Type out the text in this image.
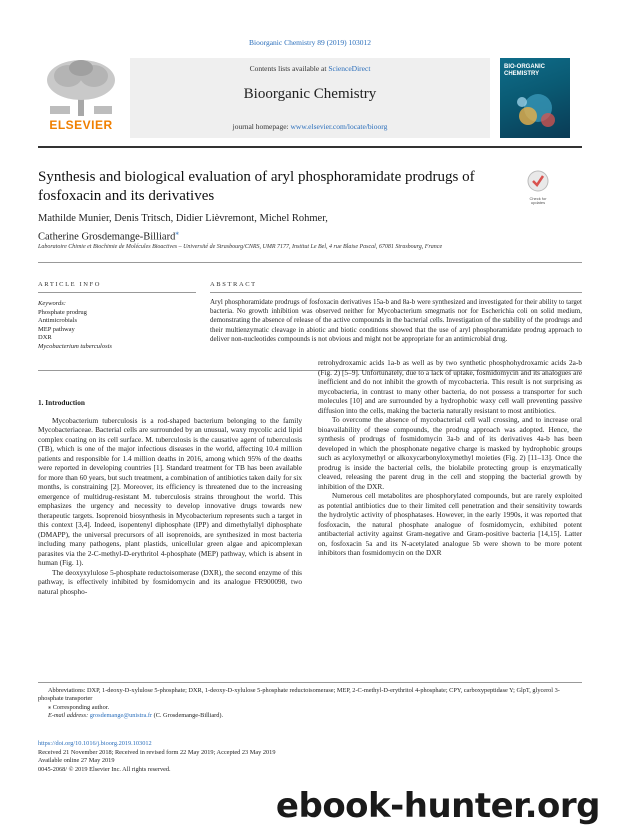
Bioorganic Chemistry 89 (2019) 103012
ELSEVIER
Contents lists available at ScienceDirect
Bioorganic Chemistry
journal homepage: www.elsevier.com/locate/bioorg
BIO-ORGANIC CHEMISTRY
Synthesis and biological evaluation of aryl phosphoramidate prodrugs of fosfoxacin and its derivatives	Check for updates
Mathilde Munier, Denis Tritsch, Didier Lièvremont, Michel Rohmer,
Catherine Grosdemange-Billiard⁎
Laboratoire Chimie et Biochimie de Molécules Bioactives – Université de Strasbourg/CNRS, UMR 7177, Institut Le Bel, 4 rue Blaise Pascal, 67081 Strasbourg, France
ARTICLE INFO	ABSTRACT
Keywords:
Phosphate prodrug
Antimicrobials
MEP pathway
DXR
Mycobacterium tuberculosis
Aryl phosphoramidate prodrugs of fosfoxacin derivatives 15a-b and 8a-b were synthesized and investigated for their ability to target bacteria. No growth inhibition was observed neither for Mycobacterium smegmatis nor for Escherichia coli on solid medium, demonstrating the absence of release of the active compounds in the bacterial cells. Investigation of the stability of the prodrugs and their multienzymatic cleavage in abiotic and biotic conditions showed that the use of aryl phosphoramidate prodrug approach to deliver non-nucleotides compounds is not obvious and might not be appropriate for an antimicrobial drug.

1. Introduction

Mycobacterium tuberculosis is a rod-shaped bacterium belonging to the family Mycobacteriaceae. Bacterial cells are surrounded by an unusual, waxy mycolic acid lipid complex coating on its cell surface. M. tuberculosis is the causative agent of tuberculosis (TB), which is one of the major infectious diseases in the world, affecting 10.4 million patients and responsible for 1.4 million deaths in 2016, among which 95% of the deaths were reported in developing countries [1]. Standard treatment for TB has been available for more than 60 years, but such treatment, a combination of antibiotics taken daily for six months, is constraining [2]. Moreover, its efficiency is threatened due to the increasing emergence of multidrug-resistant M. tuberculosis strains throughout the world. This emphasizes the urgency and necessity to develop innovative drugs towards new therapeutic targets. Isoprenoid biosynthesis in Mycobacterium represents such a target in this context [3,4]. Indeed, isopentenyl diphosphate (IPP) and dimethylallyl diphosphate (DMAPP), the universal precursors of all isoprenoids, are synthesized in most bacteria including many pathogens, plant plastids, unicellular green algae and apicomplexan parasites via the 2-C-methyl-D-erythritol 4-phosphate (MEP) pathway, which is absent in human (Fig. 1).

The deoxyxylulose 5-phosphate reductoisomerase (DXR), the second enzyme of this pathway, is effectively inhibited by fosmidomycin and its analogue FR900098, two natural phospho-

retrohydroxamic acids 1a-b as well as by two synthetic phosphohydroxamic acids 2a-b (Fig. 2) [5–9]. Unfortunately, due to a lack of uptake, fosmidomycin and its analogues are inefficient and do not inhibit the growth of mycobacteria. This result is not surprising as mycobacteria, in contrast to many other bacteria, do not possess a transporter for such molecules [10] and are surrounded by a hydrophobic waxy cell wall preventing passive diffusion into the cells, making the bacteria naturally resistant to most antibiotics.

To overcome the absence of mycobacterial cell wall crossing, and to increase oral bioavailability of these compounds, the prodrug approach was adopted. Hence, the synthesis of prodrugs of fosmidomycin 3a-b and of its derivatives 4a-b has been developed in which the phosphonate negative charge is masked by hydrophobic groups such as acyloxymethyl or alkoxycarbonyloxymethyl moieties (Fig. 2) [11–13]. Once the prodrug is inside the bacterial cells, the biolabile protecting group is enzymatically cleaved, releasing the parent drug in the cell and stopping the bacterial growth by inhibition of the DXR.

Numerous cell metabolites are phosphorylated compounds, but are rarely exploited as potential antibiotics due to their limited cell penetration and their sensitivity towards the hydrolytic activity of phosphatases. However, in the early 1990s, it was reported that fosfoxacin, the natural phosphate analogue of fosmidomycin, exhibited potent antibacterial activity against Gram-negative and Gram-positive bacteria [14,15]. Latter on, fosfoxacin 5a and its N-acetylated analogue 5b were shown to be more potent inhibitors than fosmidomycin on the DXR

Abbreviations: DXP, 1-deoxy-D-xylulose 5-phosphate; DXR, 1-deoxy-D-xylulose 5-phosphate reductoisomerase; MEP, 2-C-methyl-D-erythritol 4-phosphate; CPY, carboxypeptidase Y; GlpT, glycerol 3-phosphate transporter
⁎ Corresponding author.
E-mail address: grosdemange@unistra.fr (C. Grosdemange-Billiard).
https://doi.org/10.1016/j.bioorg.2019.103012
Received 21 November 2018; Received in revised form 22 May 2019; Accepted 23 May 2019
Available online 27 May 2019
0045-2068/ © 2019 Elsevier Inc. All rights reserved.
ebook-hunter.org
